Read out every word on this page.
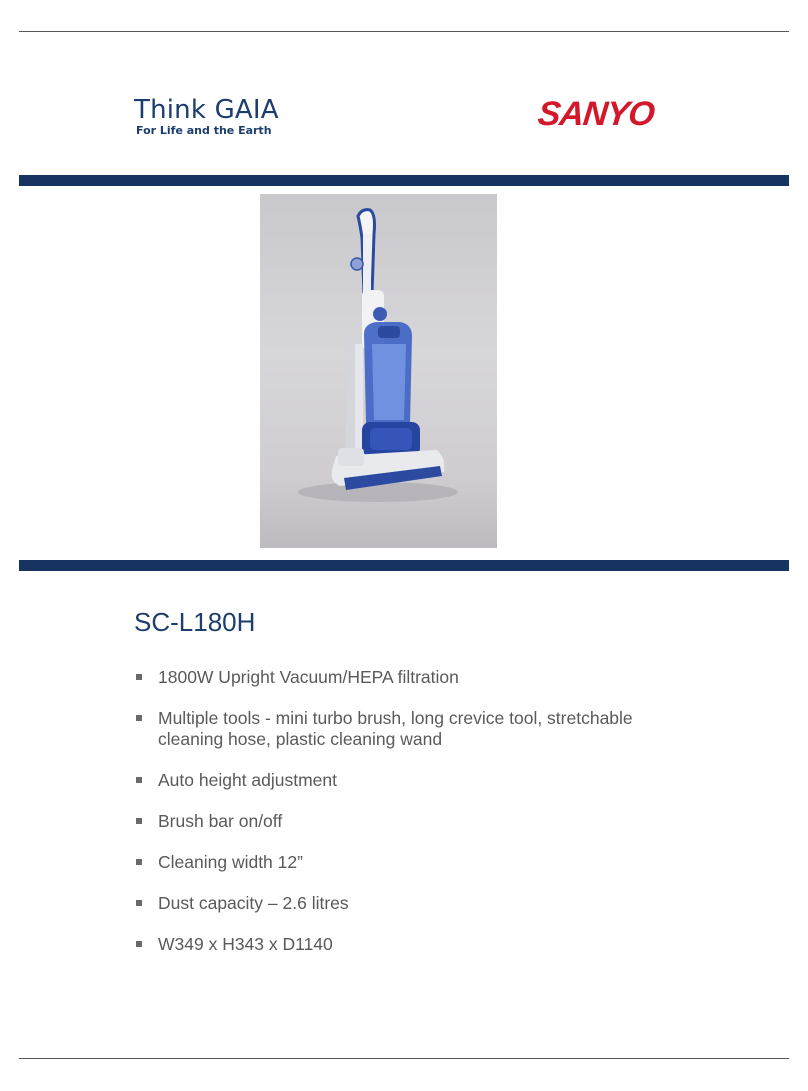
Think GAIA
For Life and the Earth	SANYO
SC-L180H
1800W Upright Vacuum/HEPA filtration
Multiple tools - mini turbo brush, long crevice tool, stretchable cleaning hose, plastic cleaning wand
Auto height adjustment
Brush bar on/off
Cleaning width 12”
Dust capacity – 2.6 litres
W349 x H343 x D1140
